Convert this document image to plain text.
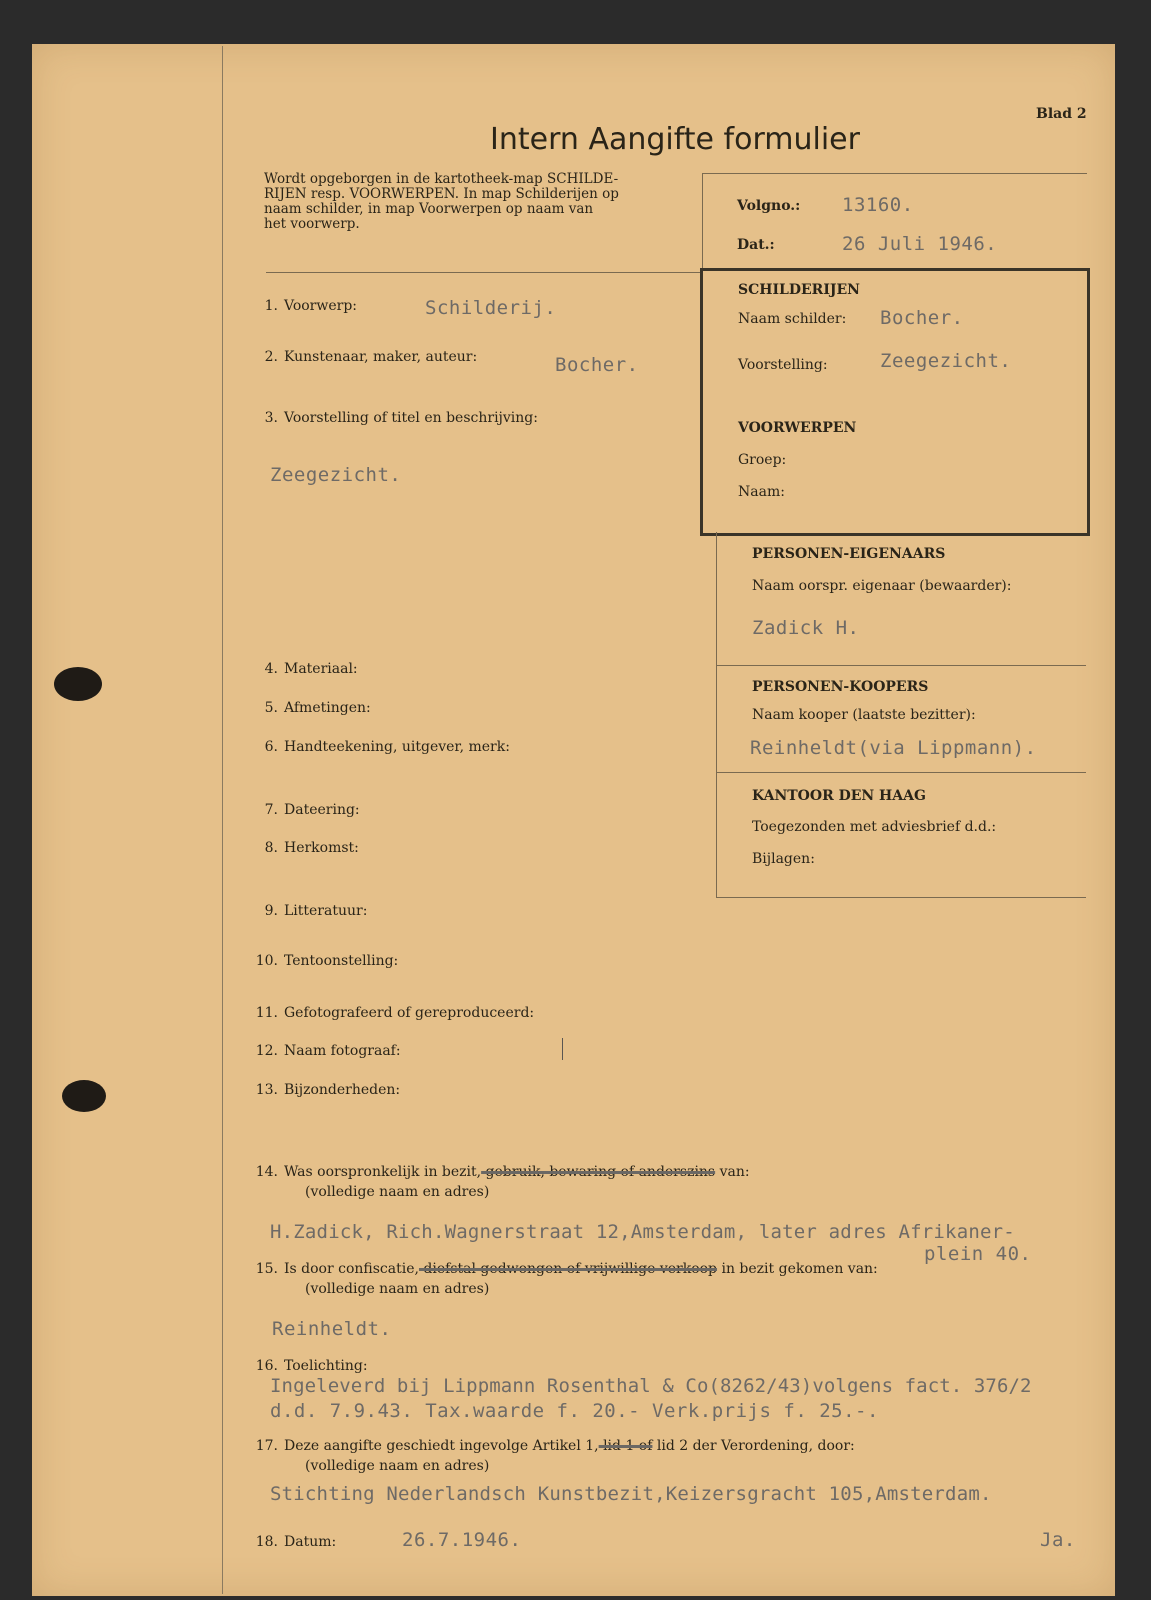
Blad 2
Intern Aangifte formulier
Wordt opgeborgen in de kartotheek-map SCHILDE-
RIJEN resp. VOORWERPEN. In map Schilderijen op
naam schilder, in map Voorwerpen op naam van
het voorwerp.
Volgno.: 13160.
Dat.:	26 Juli 1946.
SCHILDERIJEN
Naam schilder: Bocher.
Voorstelling:	Zeegezicht.
VOORWERPEN
Groep:
Naam:
PERSONEN-EIGENAARS
Naam oorspr. eigenaar (bewaarder):
Zadick H.
PERSONEN-KOOPERS
Naam kooper (laatste bezitter):
Reinheldt(via Lippmann).
KANTOOR DEN HAAG
Toegezonden met adviesbrief d.d.:
Bijlagen:
1. Voorwerp:	Schilderij.
2. Kunstenaar, maker, auteur:	Bocher.
3. Voorstelling of titel en beschrijving:
Zeegezicht.
4. Materiaal:
5. Afmetingen:
6. Handteekening, uitgever, merk:
7. Dateering:
8. Herkomst:
9. Litteratuur:
10. Tentoonstelling:
11. Gefotografeerd of gereproduceerd:
12. Naam fotograaf:
13. Bijzonderheden:
14. Was oorspronkelijk in bezit, gebruik, bewaring of anderszins van:
(volledige naam en adres)
H.Zadick, Rich.Wagnerstraat 12,Amsterdam, later adres Afrikaner-
plein 40.
15. Is door confiscatie, diefstal gedwongen of vrijwillige verkoop in bezit gekomen van:
(volledige naam en adres)
Reinheldt.
16. Toelichting:
Ingeleverd bij Lippmann Rosenthal & Co(8262/43)volgens fact. 376/2
d.d. 7.9.43. Tax.waarde f. 20.- Verk.prijs f. 25.-.
17. Deze aangifte geschiedt ingevolge Artikel 1, lid 1 of lid 2 der Verordening, door:
(volledige naam en adres)
Stichting Nederlandsch Kunstbezit,Keizersgracht 105,Amsterdam.
18. Datum:	26.7.1946.	Ja.
